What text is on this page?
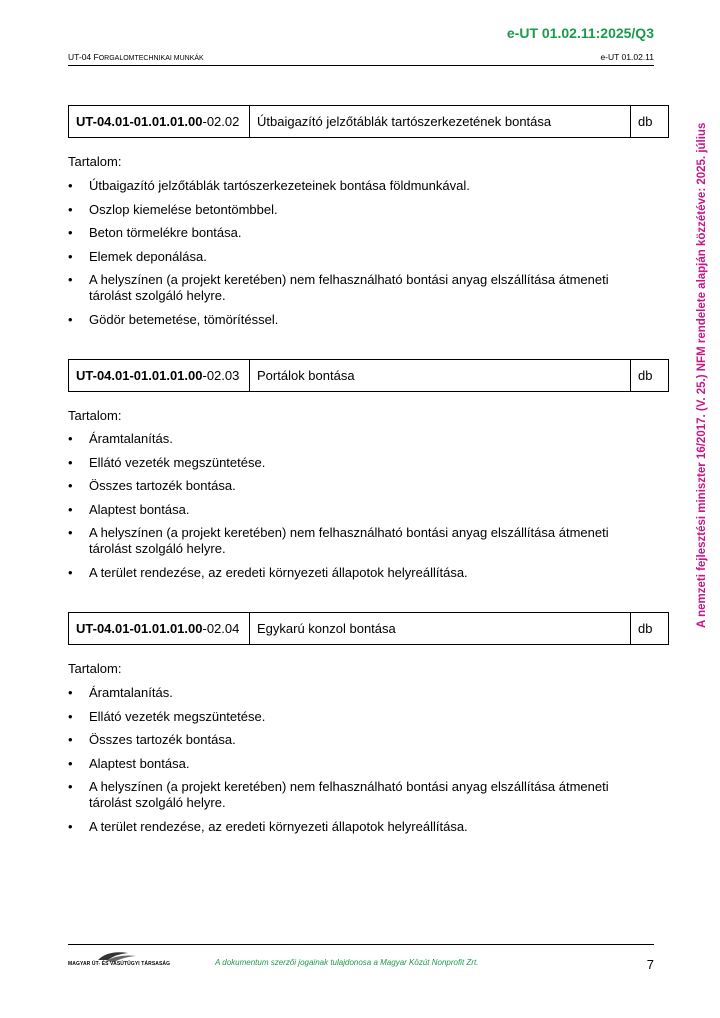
e-UT 01.02.11:2025/Q3
UT-04 FORGALOMTECHNIKAI MUNKÁK	e-UT 01.02.11
UT-04.01-01.01.01.00 -02.02	Útbaigazító jelzőtáblák tartószerkezetének bontása	db
Tartalom:
• Útbaigazító jelzőtáblák tartószerkezeteinek bontása földmunkával.
• Oszlop kiemelése betontömbbel.
• Beton törmelékre bontása.
• Elemek deponálása.
• A helyszínen (a projekt keretében) nem felhasználható bontási anyag elszállítása átmeneti tárolást szolgáló helyre.
• Gödör betemetése, tömörítéssel.
UT-04.01-01.01.01.00 -02.03	Portálok bontása	db
Tartalom:
• Áramtalanítás.
• Ellátó vezeték megszüntetése.
• Összes tartozék bontása.
• Alaptest bontása.
• A helyszínen (a projekt keretében) nem felhasználható bontási anyag elszállítása átmeneti tárolást szolgáló helyre.
• A terület rendezése, az eredeti környezeti állapotok helyreállítása.
UT-04.01-01.01.01.00 -02.04	Egykarú konzol bontása	db
Tartalom:
• Áramtalanítás.
• Ellátó vezeték megszüntetése.
• Összes tartozék bontása.
• Alaptest bontása.
• A helyszínen (a projekt keretében) nem felhasználható bontási anyag elszállítása átmeneti tárolást szolgáló helyre.
• A terület rendezése, az eredeti környezeti állapotok helyreállítása.
A nemzeti fejlesztési miniszter 16/2017. (V. 25.) NFM rendelete alapján közzétéve: 2025. július
MAGYAR ÚT- ÉS VASÚTÜGYI TÁRSASÁG	A dokumentum szerzői jogainak tulajdonosa a Magyar Közút Nonprofit Zrt.	7
